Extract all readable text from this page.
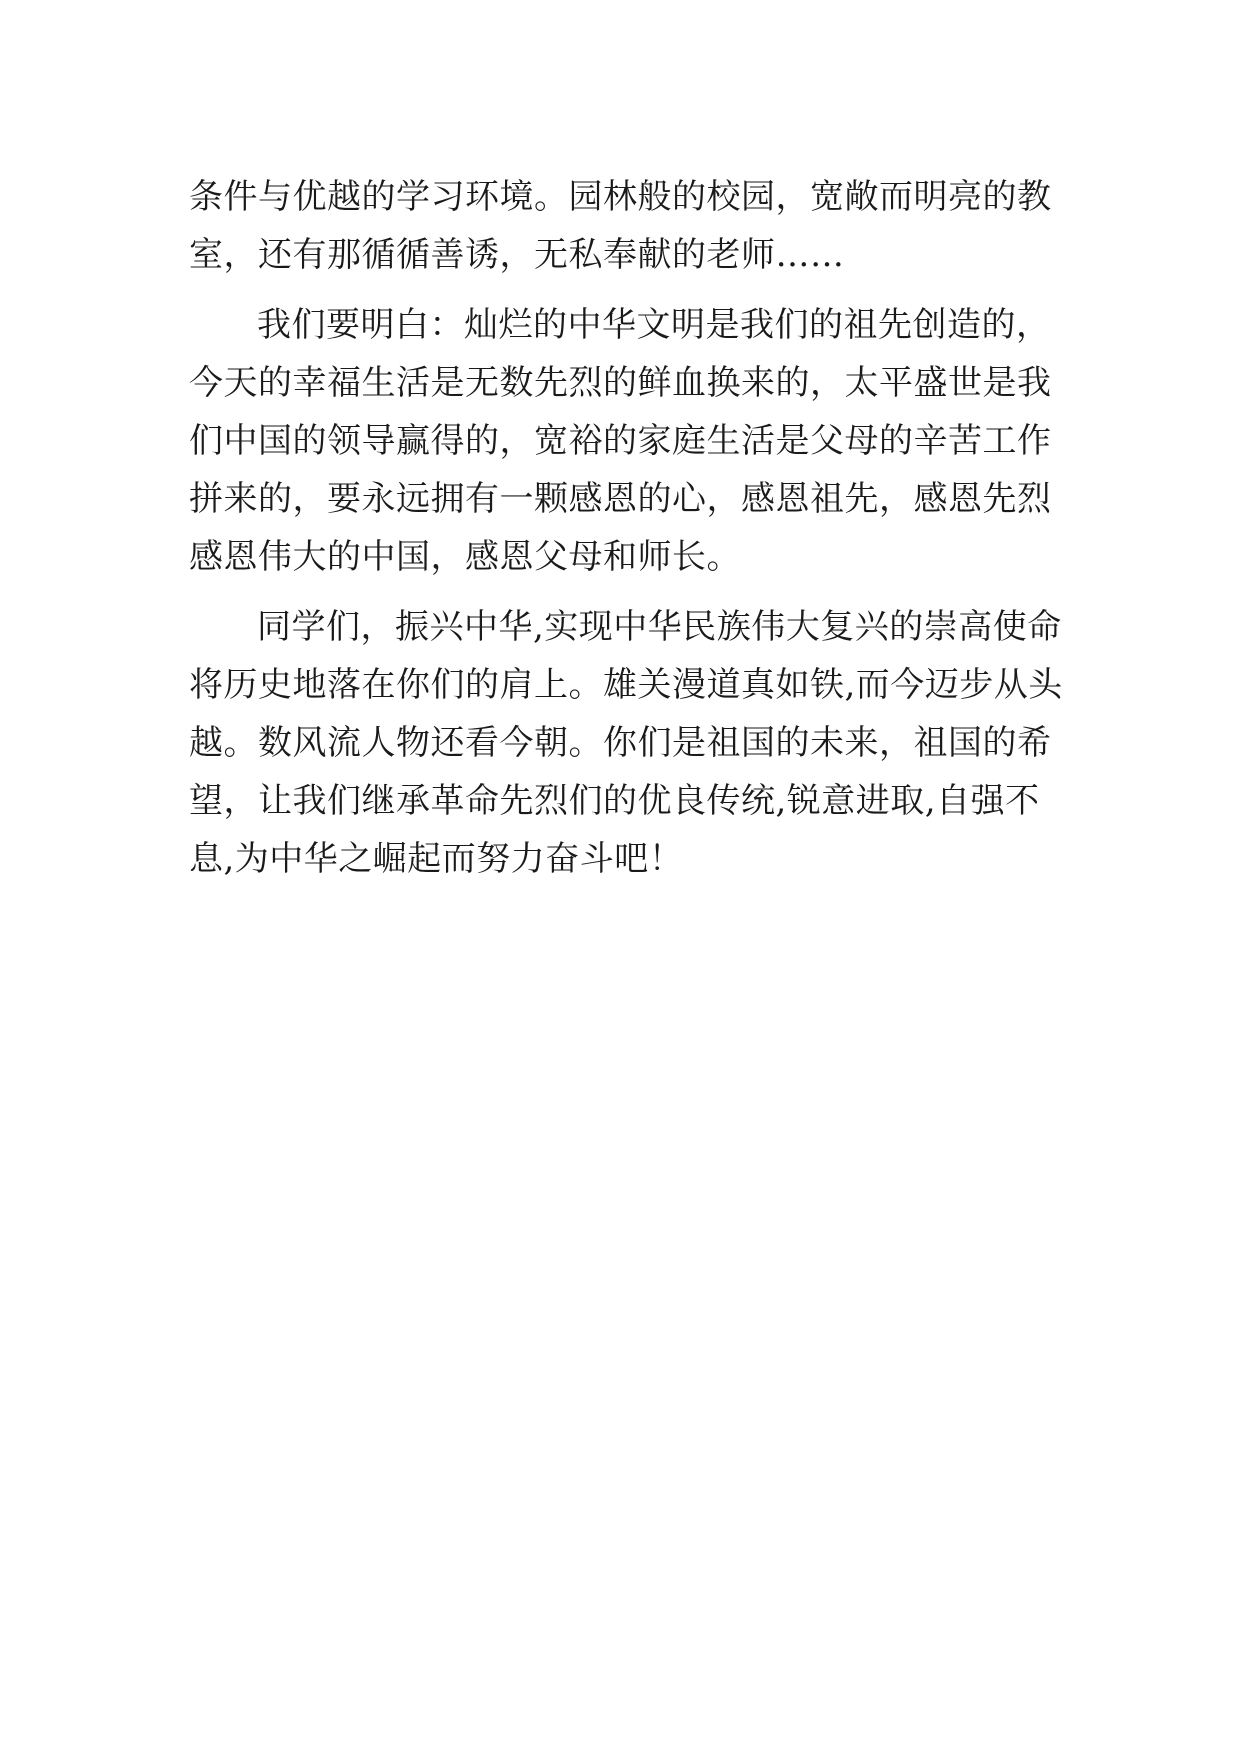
条件与优越的学习环境。园林般的校园，宽敞而明亮的教
室，还有那循循善诱，无私奉献的老师……
我们要明白：灿烂的中华文明是我们的祖先创造的，
今天的幸福生活是无数先烈的鲜血换来的，太平盛世是我
们中国的领导赢得的，宽裕的家庭生活是父母的辛苦工作
拼来的，要永远拥有一颗感恩的心，感恩祖先，感恩先烈
感恩伟大的中国，感恩父母和师长。
同学们，振兴中华,实现中华民族伟大复兴的崇高使命
将历史地落在你们的肩上。雄关漫道真如铁,而今迈步从头
越。数风流人物还看今朝。你们是祖国的未来，祖国的希
望，让我们继承革命先烈们的优良传统,锐意进取,自强不
息,为中华之崛起而努力奋斗吧！
